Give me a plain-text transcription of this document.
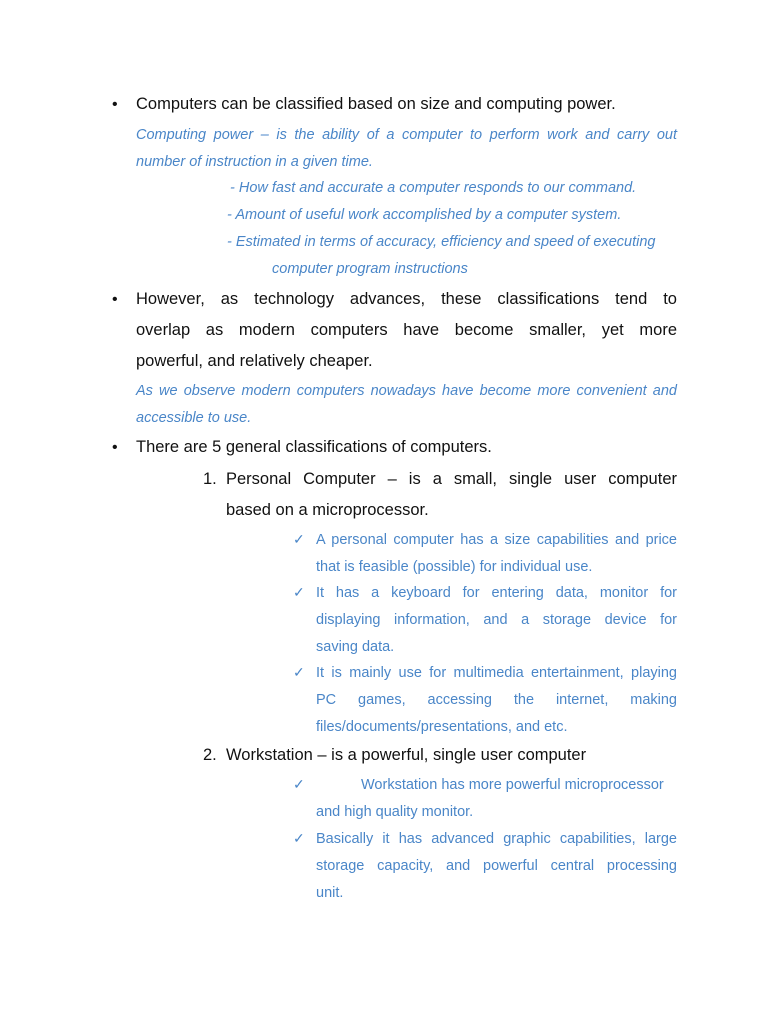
• Computers can be classified based on size and computing power.
Computing power – is the ability of a computer to perform work and carry out
number of instruction in a given time.
- How fast and accurate a computer responds to our command.
- Amount of useful work accomplished by a computer system.
- Estimated in terms of accuracy, efficiency and speed of executing
computer program instructions
• However, as technology advances, these classifications tend to
overlap as modern computers have become smaller, yet more
powerful, and relatively cheaper.
As we observe modern computers nowadays have become more convenient and
accessible to use.
• There are 5 general classifications of computers.
1. Personal Computer – is a small, single user computer
based on a microprocessor.
✓ A personal computer has a size capabilities and price
that is feasible (possible) for individual use.
✓ It has a keyboard for entering data, monitor for
displaying information, and a storage device for
saving data.
✓ It is mainly use for multimedia entertainment, playing
PC games, accessing the internet, making
files/documents/presentations, and etc.
2. Workstation – is a powerful, single user computer
✓	Workstation has more powerful microprocessor
and high quality monitor.
✓ Basically it has advanced graphic capabilities, large
storage capacity, and powerful central processing
unit.
